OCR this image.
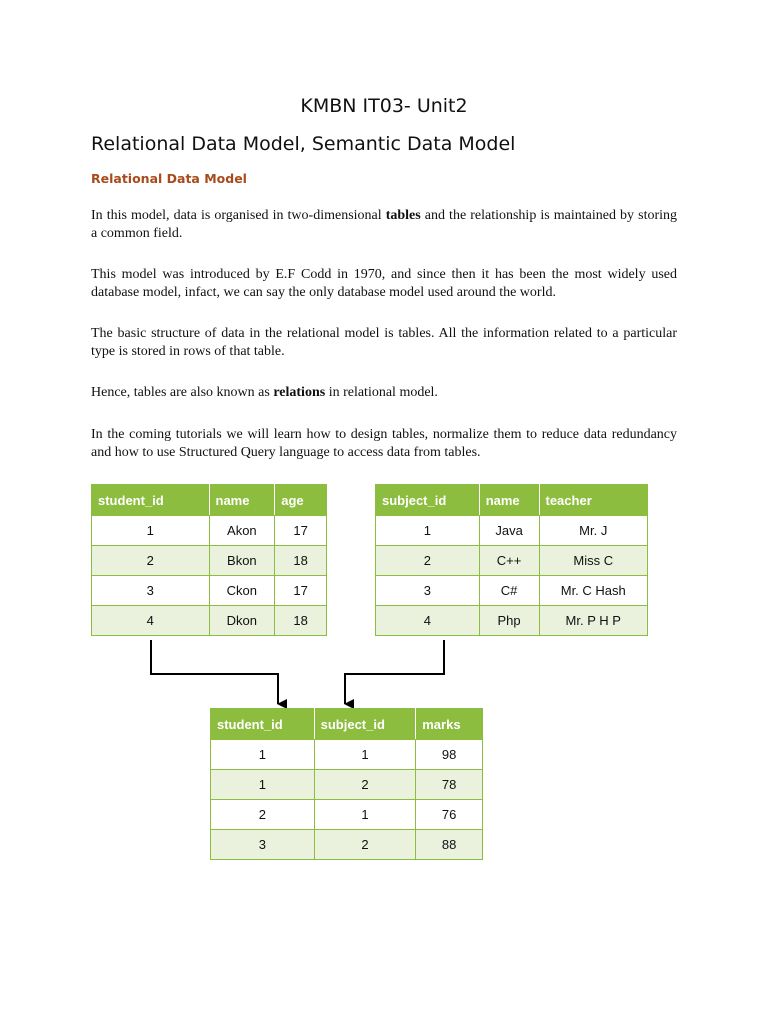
KMBN IT03- Unit2
Relational Data Model, Semantic Data Model
Relational Data Model

In this model, data is organised in two-dimensional tables and the relationship is maintained by storing a common field.

This model was introduced by E.F Codd in 1970, and since then it has been the most widely used database model, infact, we can say the only database model used around the world.

The basic structure of data in the relational model is tables. All the information related to a particular type is stored in rows of that table.

Hence, tables are also known as relations in relational model.

In the coming tutorials we will learn how to design tables, normalize them to reduce data redundancy and how to use Structured Query language to access data from tables.

student_id	name	age
1	Akon	17
2	Bkon	18
3	Ckon	17
4	Dkon	18
subject_id	name	teacher
1	Java	Mr. J
2	C++	Miss C
3	C#	Mr. C Hash
4	Php	Mr. P H P
student_id	subject_id	marks
1	1	98
1	2	78
2	1	76
3	2	88
